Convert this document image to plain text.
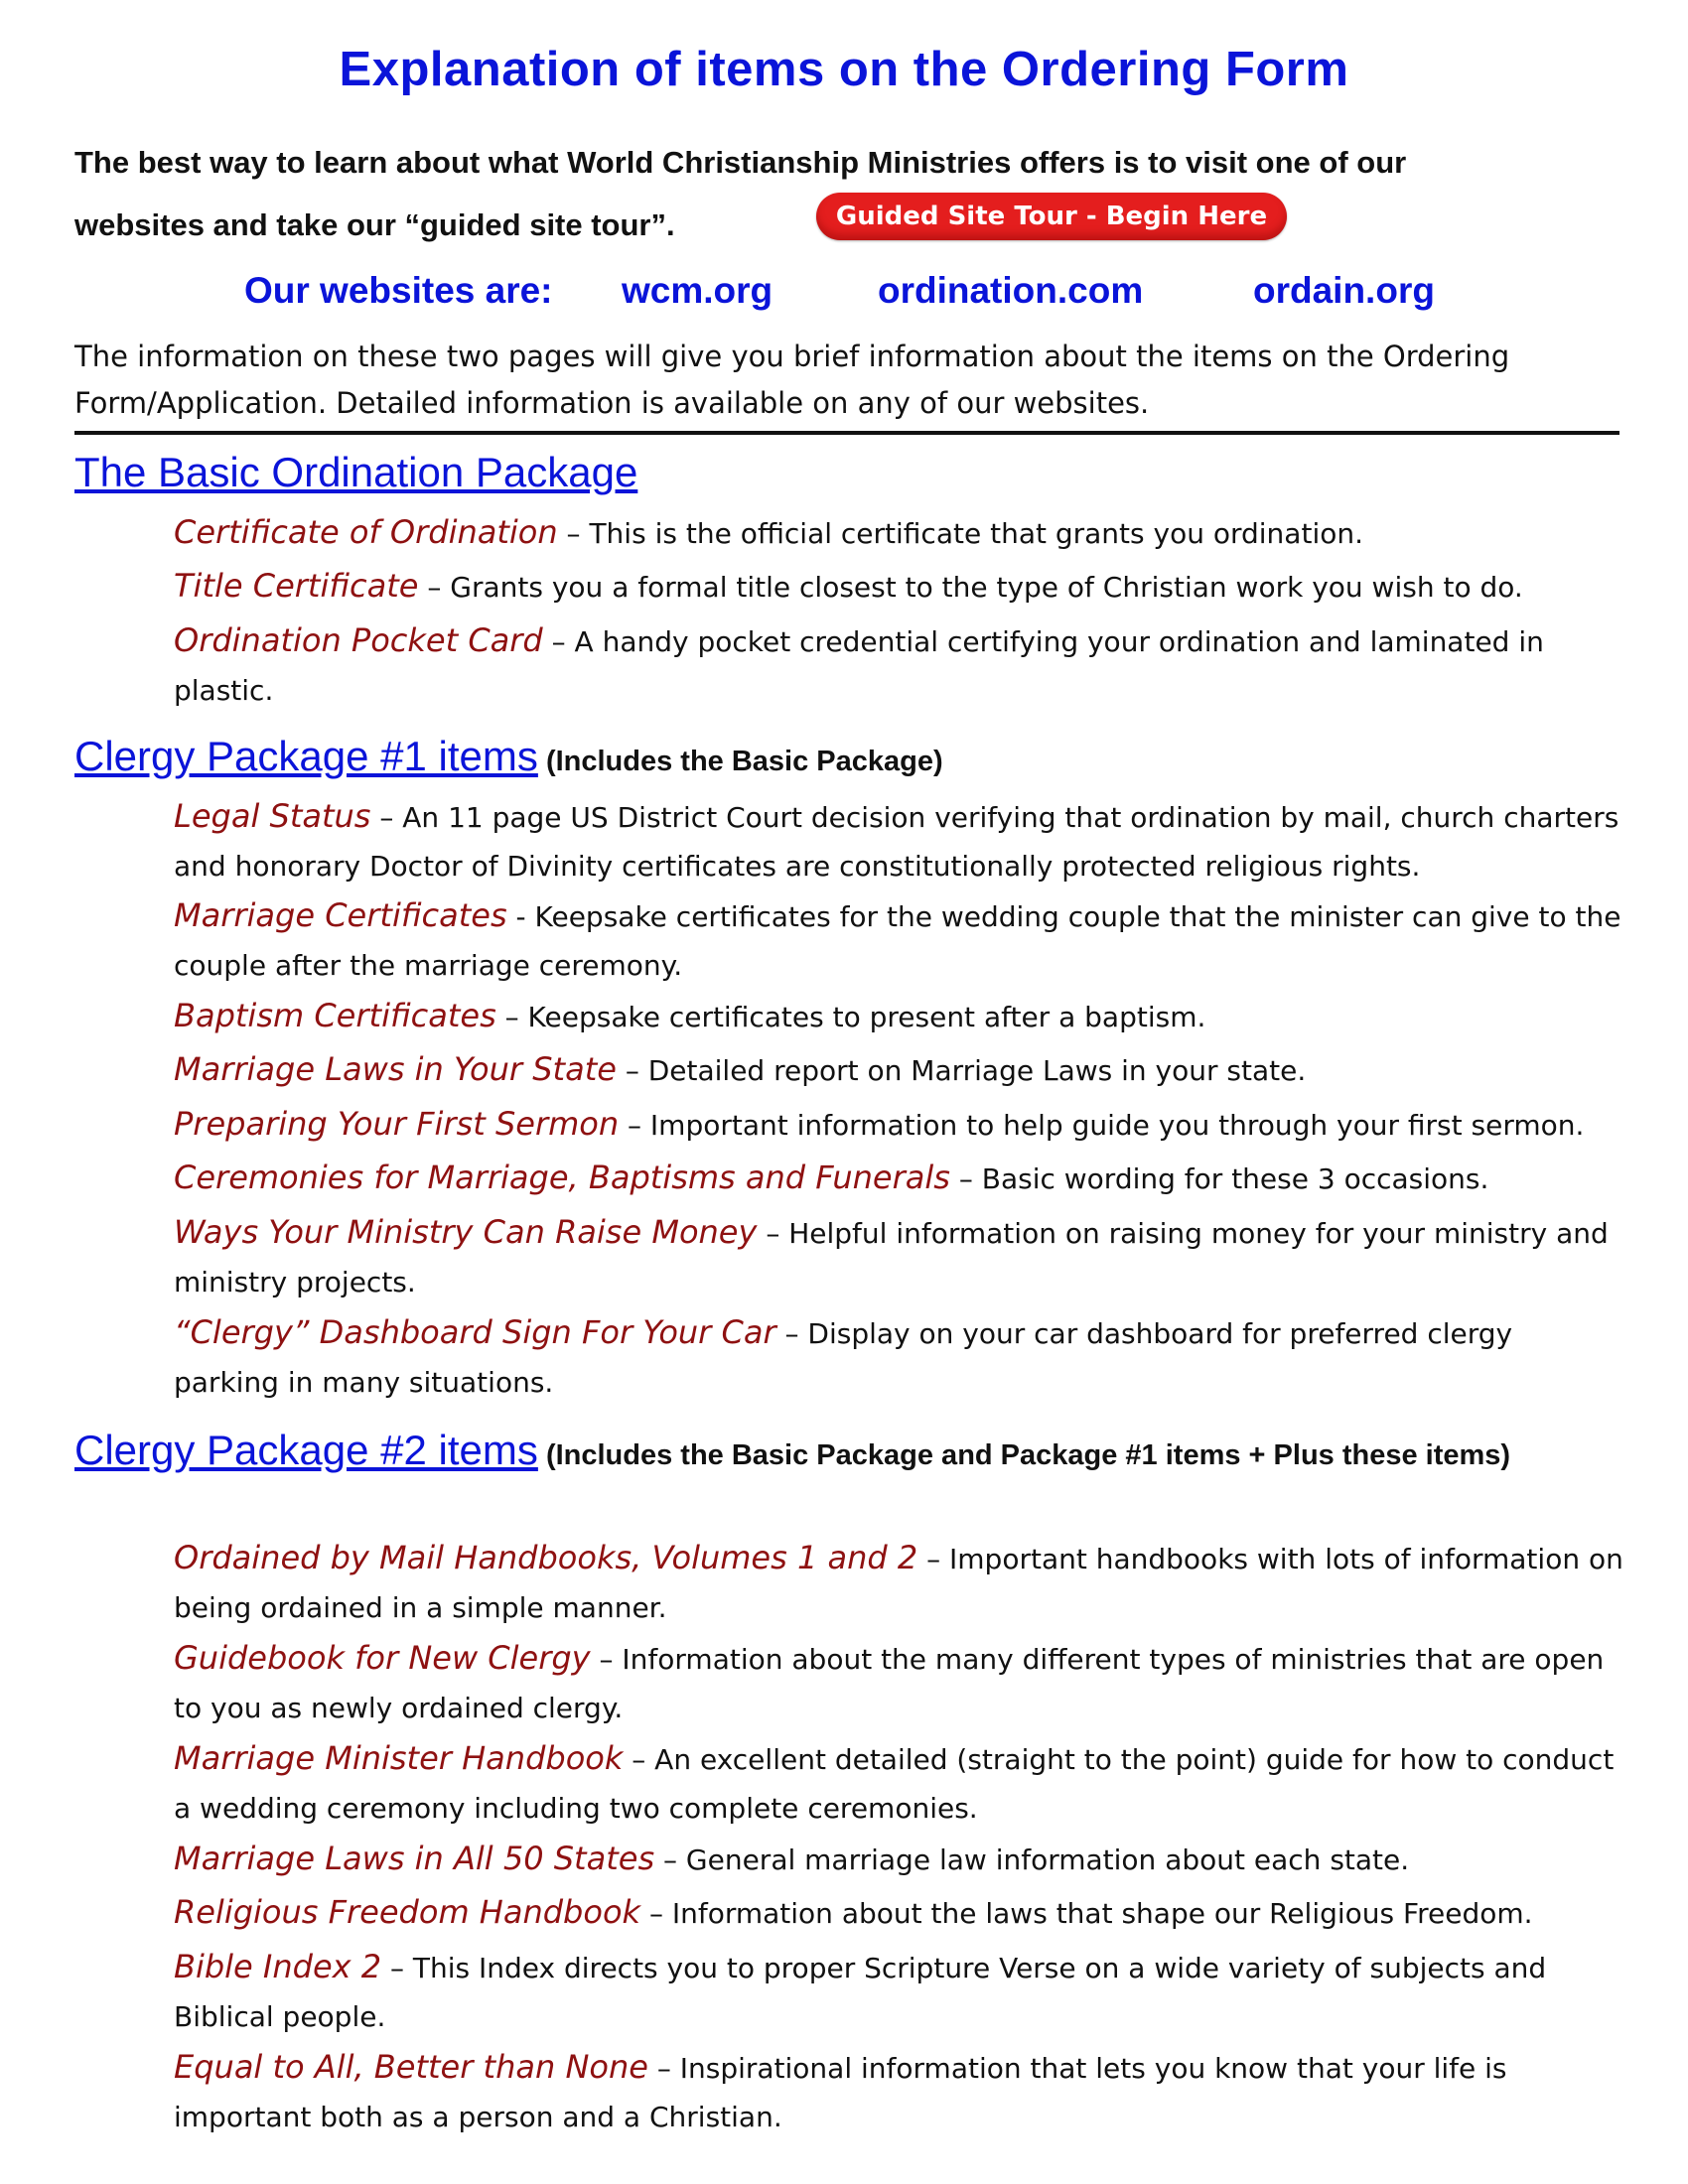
Explanation of items on the Ordering Form
The best way to learn about what World Christianship Ministries offers is to visit one of our
websites and take our “guided site tour”.	Guided Site Tour - Begin Here
Our websites are: wcm.org	ordination.com	ordain.org
The information on these two pages will give you brief information about the items on the Ordering Form/Application. Detailed information is available on any of our websites.
The Basic Ordination Package
Certificate of Ordination – This is the official certificate that grants you ordination.
Title Certificate – Grants you a formal title closest to the type of Christian work you wish to do.
Ordination Pocket Card – A handy pocket credential certifying your ordination and laminated in plastic.
Clergy Package #1 items (Includes the Basic Package)
Legal Status – An 11 page US District Court decision verifying that ordination by mail, church charters and honorary Doctor of Divinity certificates are constitutionally protected religious rights.
Marriage Certificates - Keepsake certificates for the wedding couple that the minister can give to the couple after the marriage ceremony.
Baptism Certificates – Keepsake certificates to present after a baptism.
Marriage Laws in Your State – Detailed report on Marriage Laws in your state.
Preparing Your First Sermon – Important information to help guide you through your first sermon.
Ceremonies for Marriage, Baptisms and Funerals – Basic wording for these 3 occasions.
Ways Your Ministry Can Raise Money – Helpful information on raising money for your ministry and ministry projects.
“Clergy” Dashboard Sign For Your Car – Display on your car dashboard for preferred clergy parking in many situations.
Clergy Package #2 items (Includes the Basic Package and Package #1 items + Plus these items)
Ordained by Mail Handbooks, Volumes 1 and 2 – Important handbooks with lots of information on being ordained in a simple manner.
Guidebook for New Clergy – Information about the many different types of ministries that are open to you as newly ordained clergy.
Marriage Minister Handbook – An excellent detailed (straight to the point) guide for how to conduct a wedding ceremony including two complete ceremonies.
Marriage Laws in All 50 States – General marriage law information about each state.
Religious Freedom Handbook – Information about the laws that shape our Religious Freedom.
Bible Index 2 – This Index directs you to proper Scripture Verse on a wide variety of subjects and Biblical people.
Equal to All, Better than None – Inspirational information that lets you know that your life is important both as a person and a Christian.
